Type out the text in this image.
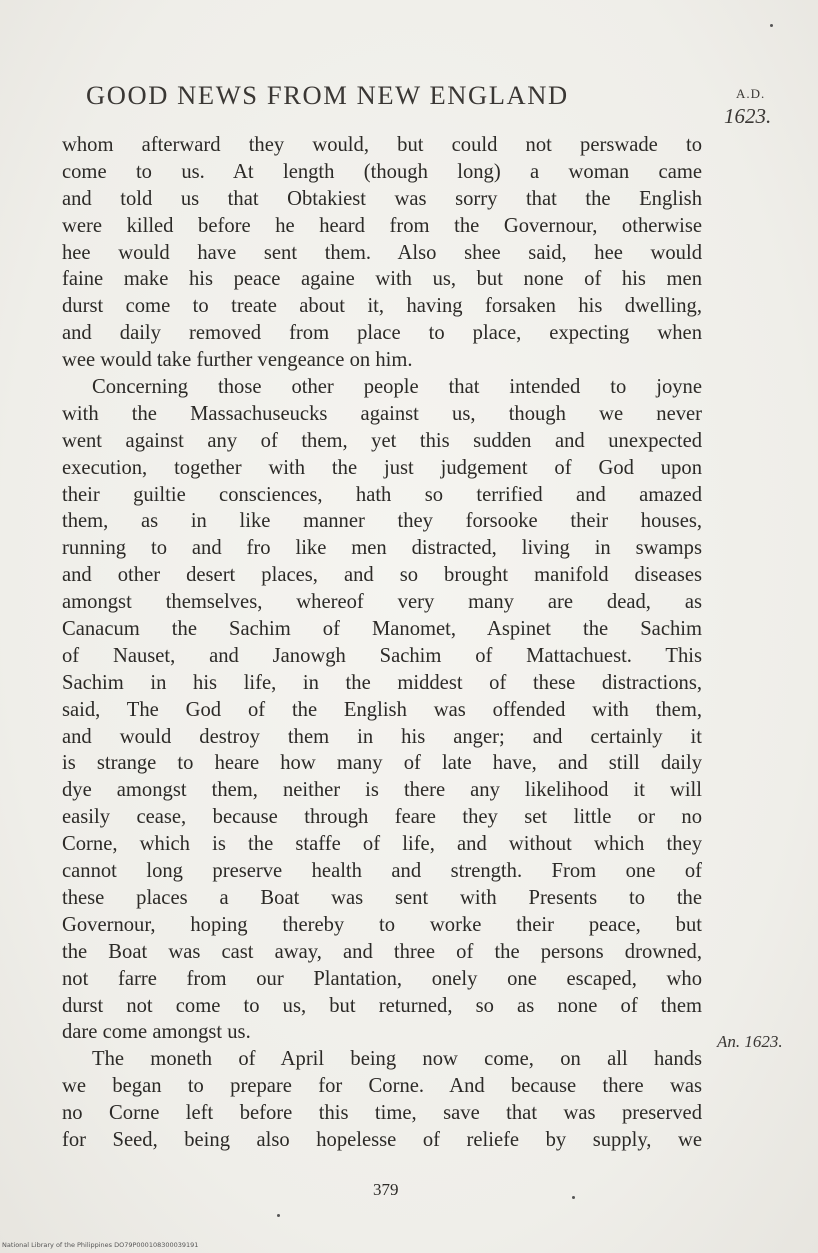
GOOD NEWS FROM NEW ENGLAND	A.D.
1623.
whom afterward they would, but could not perswade to
come to us. At length (though long) a woman came
and told us that Obtakiest was sorry that the English
were killed before he heard from the Governour, otherwise
hee would have sent them. Also shee said, hee would
faine make his peace againe with us, but none of his men
durst come to treate about it, having forsaken his dwelling,
and daily removed from place to place, expecting when
wee would take further vengeance on him.
Concerning those other people that intended to joyne
with the Massachuseucks against us, though we never
went against any of them, yet this sudden and unexpected
execution, together with the just judgement of God upon
their guiltie consciences, hath so terrified and amazed
them, as in like manner they forsooke their houses,
running to and fro like men distracted, living in swamps
and other desert places, and so brought manifold diseases
amongst themselves, whereof very many are dead, as
Canacum the Sachim of Manomet, Aspinet the Sachim
of Nauset, and Janowgh Sachim of Mattachuest. This
Sachim in his life, in the middest of these distractions,
said, The God of the English was offended with them,
and would destroy them in his anger; and certainly it
is strange to heare how many of late have, and still daily
dye amongst them, neither is there any likelihood it will
easily cease, because through feare they set little or no
Corne, which is the staffe of life, and without which they
cannot long preserve health and strength. From one of
these places a Boat was sent with Presents to the
Governour, hoping thereby to worke their peace, but
the Boat was cast away, and three of the persons drowned,
not farre from our Plantation, onely one escaped, who
durst not come to us, but returned, so as none of them
dare come amongst us.
The moneth of April being now come, on all hands
we began to prepare for Corne. And because there was
no Corne left before this time, save that was preserved
for Seed, being also hopelesse of reliefe by supply, we
An. 1623.
379
National Library of the Philippines DO79P000108300039191
